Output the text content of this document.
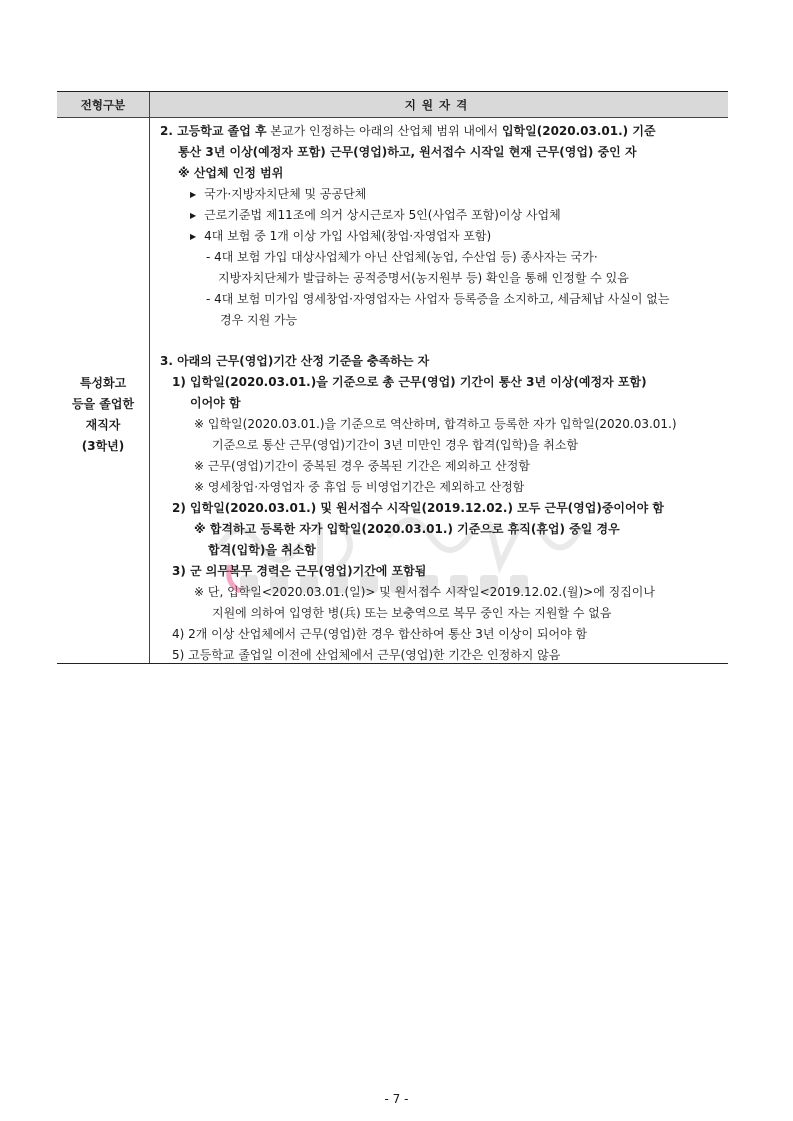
전형구분	지원자격
특성화고
등을 졸업한
재직자
(3학년)
2. 고등학교 졸업 후 본교가 인정하는 아래의 산업체 범위 내에서 입학일(2020.03.01.) 기준
통산 3년 이상(예정자 포함) 근무(영업)하고, 원서접수 시작일 현재 근무(영업) 중인 자
※ 산업체 인정 범위
▶ 국가·지방자치단체 및 공공단체
▶ 근로기준법 제11조에 의거 상시근로자 5인(사업주 포함)이상 사업체
▶ 4대 보험 중 1개 이상 가입 사업체(창업·자영업자 포함)
- 4대 보험 가입 대상사업체가 아닌 산업체(농업, 수산업 등) 종사자는 국가·
지방자치단체가 발급하는 공적증명서(농지원부 등) 확인을 통해 인정할 수 있음
- 4대 보험 미가입 영세창업·자영업자는 사업자 등록증을 소지하고, 세금체납 사실이 없는
경우 지원 가능
3. 아래의 근무(영업)기간 산정 기준을 충족하는 자
1) 입학일(2020.03.01.)을 기준으로 총 근무(영업) 기간이 통산 3년 이상(예정자 포함)
이어야 함
※ 입학일(2020.03.01.)을 기준으로 역산하며, 합격하고 등록한 자가 입학일(2020.03.01.)
기준으로 통산 근무(영업)기간이 3년 미만인 경우 합격(입학)을 취소함
※ 근무(영업)기간이 중복된 경우 중복된 기간은 제외하고 산정함
※ 영세창업·자영업자 중 휴업 등 비영업기간은 제외하고 산정함
2) 입학일(2020.03.01.) 및 원서접수 시작일(2019.12.02.) 모두 근무(영업)중이어야 함
※ 합격하고 등록한 자가 입학일(2020.03.01.) 기준으로 휴직(휴업) 중일 경우
합격(입학)을 취소함
3) 군 의무복무 경력은 근무(영업)기간에 포함됨
※ 단, 입학일<2020.03.01.(일)> 및 원서접수 시작일<2019.12.02.(월)>에 징집이나
지원에 의하여 입영한 병(兵) 또는 보충역으로 복무 중인 자는 지원할 수 없음
4) 2개 이상 산업체에서 근무(영업)한 경우 합산하여 통산 3년 이상이 되어야 함
5) 고등학교 졸업일 이전에 산업체에서 근무(영업)한 기간은 인정하지 않음
- 7 -
